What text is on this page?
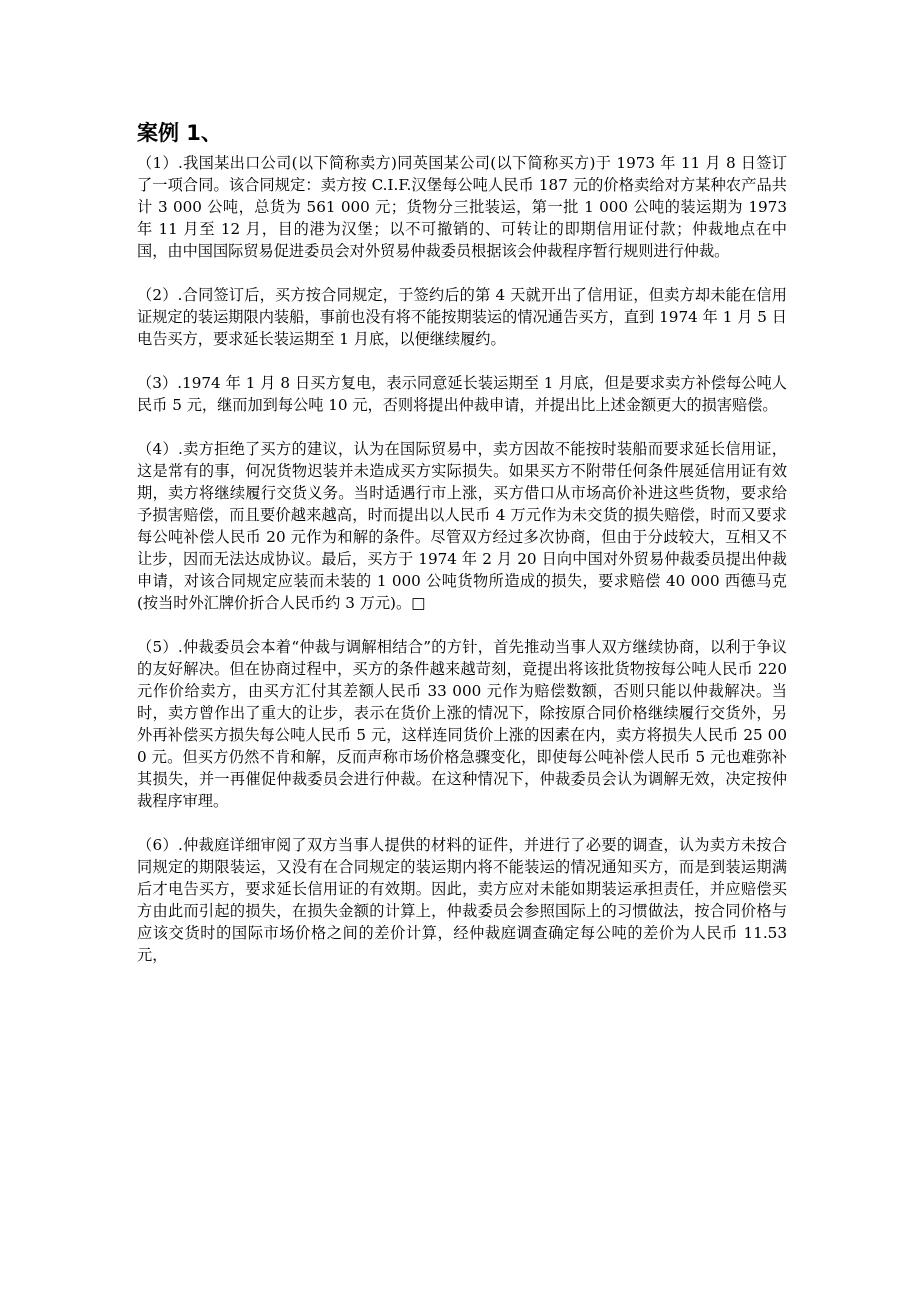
案例 1、

（1）.我国某出口公司(以下简称卖方)同英国某公司(以下简称买方)于 1973 年 11 月 8 日签订了一项合同。该合同规定：卖方按 C.I.F.汉堡每公吨人民币 187 元的价格卖给对方某种农产品共计 3 000 公吨，总货为 561 000 元；货物分三批装运，第一批 1 000 公吨的装运期为 1973 年 11 月至 12 月，目的港为汉堡；以不可撤销的、可转让的即期信用证付款；仲裁地点在中国，由中国国际贸易促进委员会对外贸易仲裁委员根据该会仲裁程序暂行规则进行仲裁。

（2）.合同签订后，买方按合同规定，于签约后的第 4 天就开出了信用证，但卖方却未能在信用证规定的装运期限内装船，事前也没有将不能按期装运的情况通告买方，直到 1974 年 1 月 5 日电告买方，要求延长装运期至 1 月底，以便继续履约。

（3）.1974 年 1 月 8 日买方复电，表示同意延长装运期至 1 月底，但是要求卖方补偿每公吨人民币 5 元，继而加到每公吨 10 元，否则将提出仲裁申请，并提出比上述金额更大的损害赔偿。

（4）.卖方拒绝了买方的建议，认为在国际贸易中，卖方因故不能按时装船而要求延长信用证，这是常有的事，何况货物迟装并未造成买方实际损失。如果买方不附带任何条件展延信用证有效期，卖方将继续履行交货义务。当时适遇行市上涨，买方借口从市场高价补进这些货物，要求给予损害赔偿，而且要价越来越高，时而提出以人民币 4 万元作为未交货的损失赔偿，时而又要求每公吨补偿人民币 20 元作为和解的条件。尽管双方经过多次协商，但由于分歧较大，互相又不让步，因而无法达成协议。最后，买方于 1974 年 2 月 20 日向中国对外贸易仲裁委员提出仲裁申请，对该合同规定应装而未装的 1 000 公吨货物所造成的损失，要求赔偿 40 000 西德马克(按当时外汇牌价折合人民币约 3 万元)。□

（5）.仲裁委员会本着“仲裁与调解相结合”的方针，首先推动当事人双方继续协商，以利于争议的友好解决。但在协商过程中，买方的条件越来越苛刻，竟提出将该批货物按每公吨人民币 220 元作价给卖方，由买方汇付其差额人民币 33 000 元作为赔偿数额，否则只能以仲裁解决。当时，卖方曾作出了重大的让步，表示在货价上涨的情况下，除按原合同价格继续履行交货外，另外再补偿买方损失每公吨人民币 5 元，这样连同货价上涨的因素在内，卖方将损失人民币 25 000 元。但买方仍然不肯和解，反而声称市场价格急骤变化，即使每公吨补偿人民币 5 元也难弥补其损失，并一再催促仲裁委员会进行仲裁。在这种情况下，仲裁委员会认为调解无效，决定按仲裁程序审理。

（6）.仲裁庭详细审阅了双方当事人提供的材料的证件，并进行了必要的调查，认为卖方未按合同规定的期限装运，又没有在合同规定的装运期内将不能装运的情况通知买方，而是到装运期满后才电告买方，要求延长信用证的有效期。因此，卖方应对未能如期装运承担责任，并应赔偿买方由此而引起的损失，在损失金额的计算上，仲裁委员会参照国际上的习惯做法，按合同价格与应该交货时的国际市场价格之间的差价计算，经仲裁庭调查确定每公吨的差价为人民币 11.53 元，
